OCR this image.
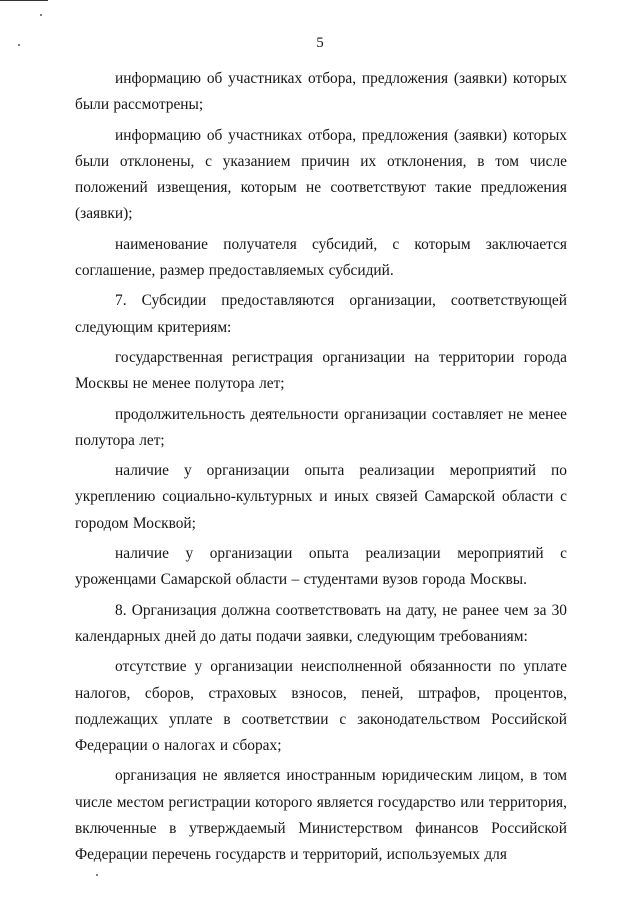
5

информацию об участниках отбора, предложения (заявки) которых были рассмотрены;

информацию об участниках отбора, предложения (заявки) которых были отклонены, с указанием причин их отклонения, в том числе положений извещения, которым не соответствуют такие предложения (заявки);

наименование получателя субсидий, с которым заключается соглашение, размер предоставляемых субсидий.

7. Субсидии предоставляются организации, соответствующей следующим критериям:

государственная регистрация организации на территории города Москвы не менее полутора лет;

продолжительность деятельности организации составляет не менее полутора лет;

наличие у организации опыта реализации мероприятий по укреплению социально-культурных и иных связей Самарской области с городом Москвой;

наличие у организации опыта реализации мероприятий с уроженцами Самарской области – студентами вузов города Москвы.

8. Организация должна соответствовать на дату, не ранее чем за 30 календарных дней до даты подачи заявки, следующим требованиям:

отсутствие у организации неисполненной обязанности по уплате налогов, сборов, страховых взносов, пеней, штрафов, процентов, подлежащих уплате в соответствии с законодательством Российской Федерации о налогах и сборах;

организация не является иностранным юридическим лицом, в том числе местом регистрации которого является государство или территория, включенные в утверждаемый Министерством финансов Российской Федерации перечень государств и территорий, используемых для
